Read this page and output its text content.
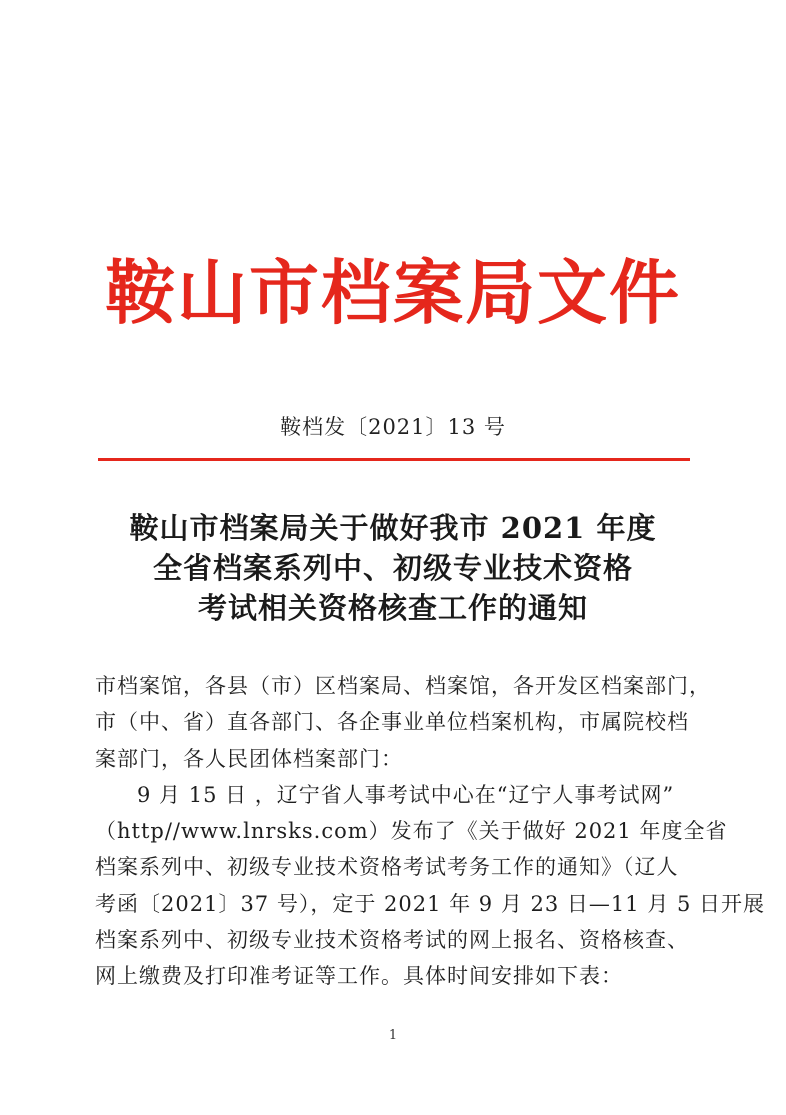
鞍山市档案局文件
鞍档发〔2021〕13 号
鞍山市档案局关于做好我市 2021 年度
全省档案系列中、初级专业技术资格
考试相关资格核查工作的通知
市档案馆，各县（市）区档案局、档案馆，各开发区档案部门，
市（中、省）直各部门、各企事业单位档案机构，市属院校档
案部门，各人民团体档案部门：
9 月 15 日 ，辽宁省人事考试中心在“辽宁人事考试网”
（http//www.lnrsks.com）发布了《关于做好 2021 年度全省
档案系列中、初级专业技术资格考试考务工作的通知》（辽人
考函〔2021〕37 号），定于 2021 年 9 月 23 日—11 月 5 日开展
档案系列中、初级专业技术资格考试的网上报名、资格核查、
网上缴费及打印准考证等工作。具体时间安排如下表：
1
